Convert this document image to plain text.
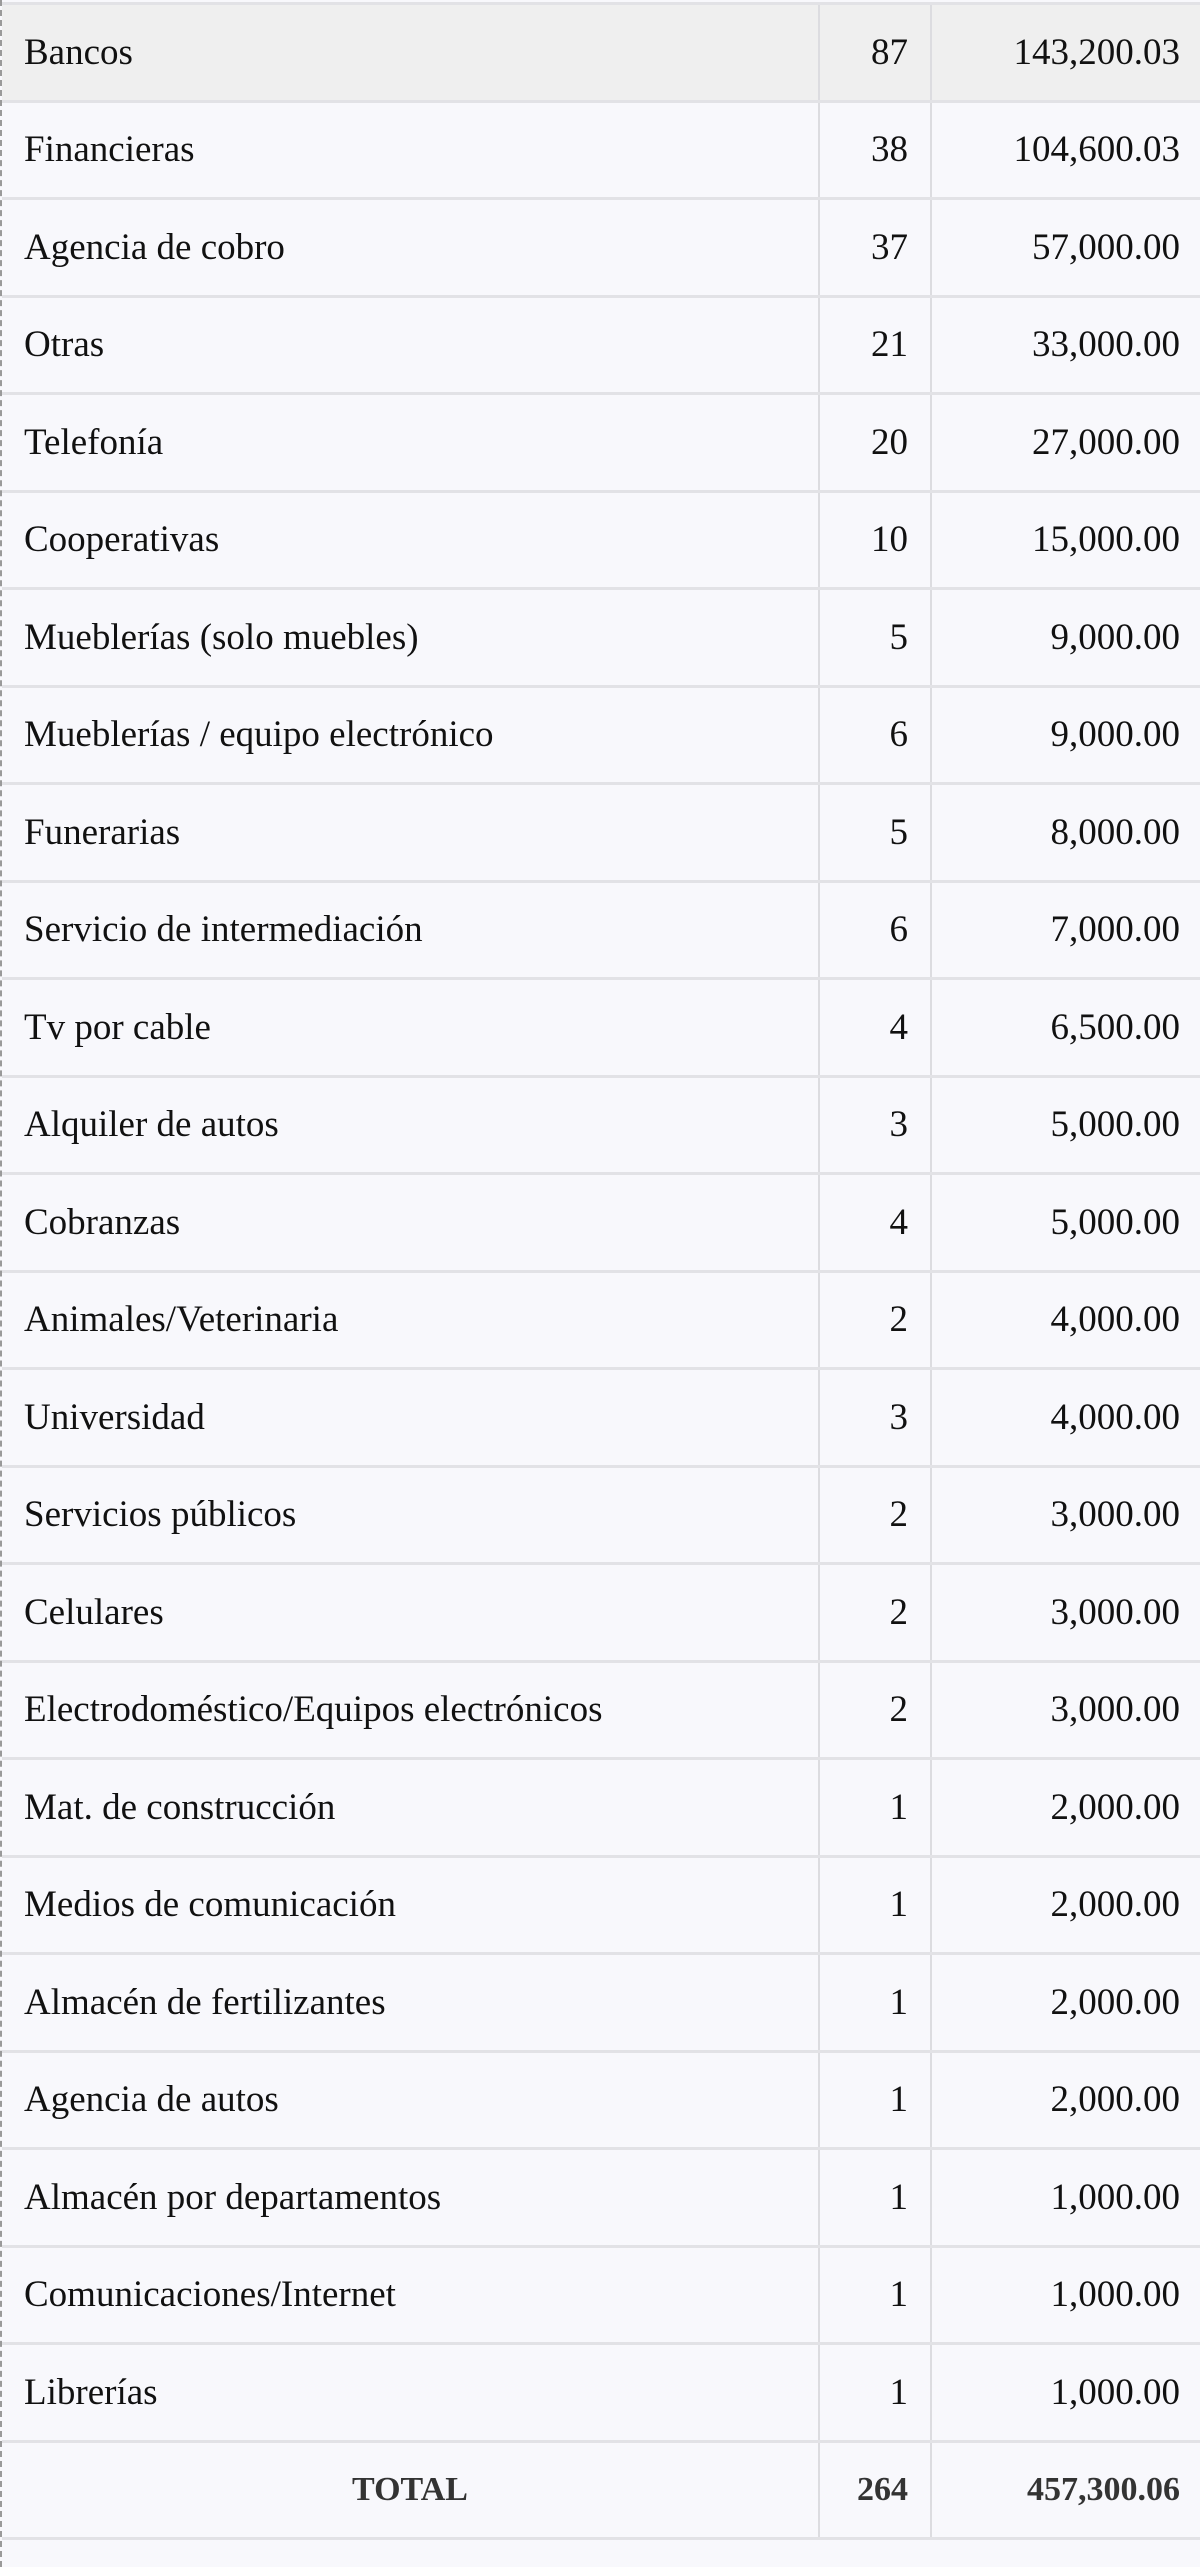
Bancos	87	143,200.03
Financieras	38	104,600.03
Agencia de cobro	37	57,000.00
Otras	21	33,000.00
Telefonía	20	27,000.00
Cooperativas	10	15,000.00
Mueblerías (solo muebles)	5	9,000.00
Mueblerías / equipo electrónico	6	9,000.00
Funerarias	5	8,000.00
Servicio de intermediación	6	7,000.00
Tv por cable	4	6,500.00
Alquiler de autos	3	5,000.00
Cobranzas	4	5,000.00
Animales/Veterinaria	2	4,000.00
Universidad	3	4,000.00
Servicios públicos	2	3,000.00
Celulares	2	3,000.00
Electrodoméstico/Equipos electrónicos	2	3,000.00
Mat. de construcción	1	2,000.00
Medios de comunicación	1	2,000.00
Almacén de fertilizantes	1	2,000.00
Agencia de autos	1	2,000.00
Almacén por departamentos	1	1,000.00
Comunicaciones/Internet	1	1,000.00
Librerías	1	1,000.00
TOTAL	264	457,300.06
